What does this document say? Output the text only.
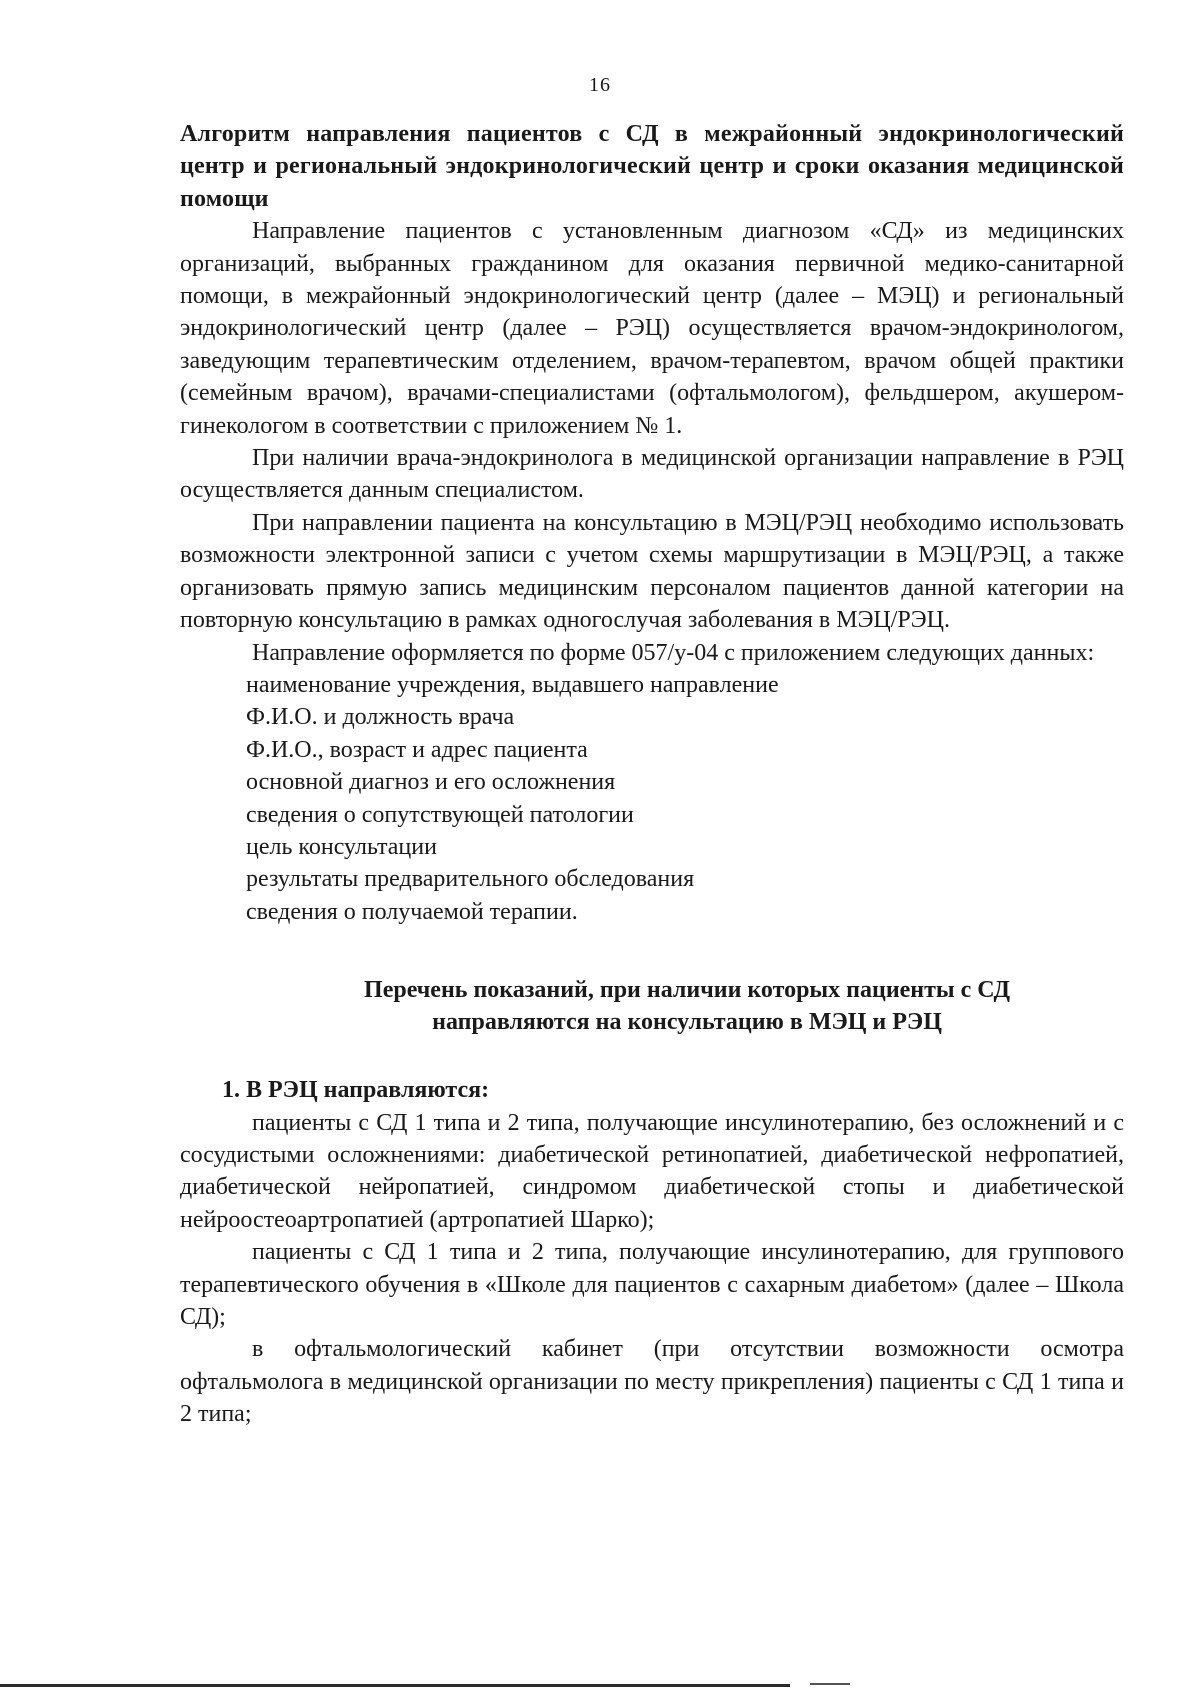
16

Алгоритм направления пациентов с СД в межрайонный эндокринологический центр и региональный эндокринологический центр и сроки оказания медицинской помощи

Направление пациентов с установленным диагнозом «СД» из медицинских организаций, выбранных гражданином для оказания первичной медико-санитарной помощи, в межрайонный эндокринологический центр (далее – МЭЦ) и региональный эндокринологический центр (далее – РЭЦ) осуществляется врачом-эндокринологом, заведующим терапевтическим отделением, врачом-терапевтом, врачом общей практики (семейным врачом), врачами-специалистами (офтальмологом), фельдшером, акушером-гинекологом в соответствии с приложением № 1.

При наличии врача-эндокринолога в медицинской организации направление в РЭЦ осуществляется данным специалистом.

При направлении пациента на консультацию в МЭЦ/РЭЦ необходимо использовать возможности электронной записи с учетом схемы маршрутизации в МЭЦ/РЭЦ, а также организовать прямую запись медицинским персоналом пациентов данной категории на повторную консультацию в рамках одногослучая заболевания в МЭЦ/РЭЦ.

Направление оформляется по форме 057/у-04 с приложением следующих данных:

наименование учреждения, выдавшего направление
Ф.И.О. и должность врача
Ф.И.О., возраст и адрес пациента
основной диагноз и его осложнения
сведения о сопутствующей патологии
цель консультации
результаты предварительного обследования
сведения о получаемой терапии.
Перечень показаний, при наличии которых пациенты с СД
направляются на консультацию в МЭЦ и РЭЦ

1. В РЭЦ направляются:

пациенты с СД 1 типа и 2 типа, получающие инсулинотерапию, без осложнений и с сосудистыми осложнениями: диабетической ретинопатией, диабетической нефропатией, диабетической нейропатией, синдромом диабетической стопы и диабетической нейроостеоартропатией (артропатией Шарко);

пациенты с СД 1 типа и 2 типа, получающие инсулинотерапию, для группового терапевтического обучения в «Школе для пациентов с сахарным диабетом» (далее – Школа СД);

в офтальмологический кабинет (при отсутствии возможности осмотра офтальмолога в медицинской организации по месту прикрепления) пациенты с СД 1 типа и 2 типа;
